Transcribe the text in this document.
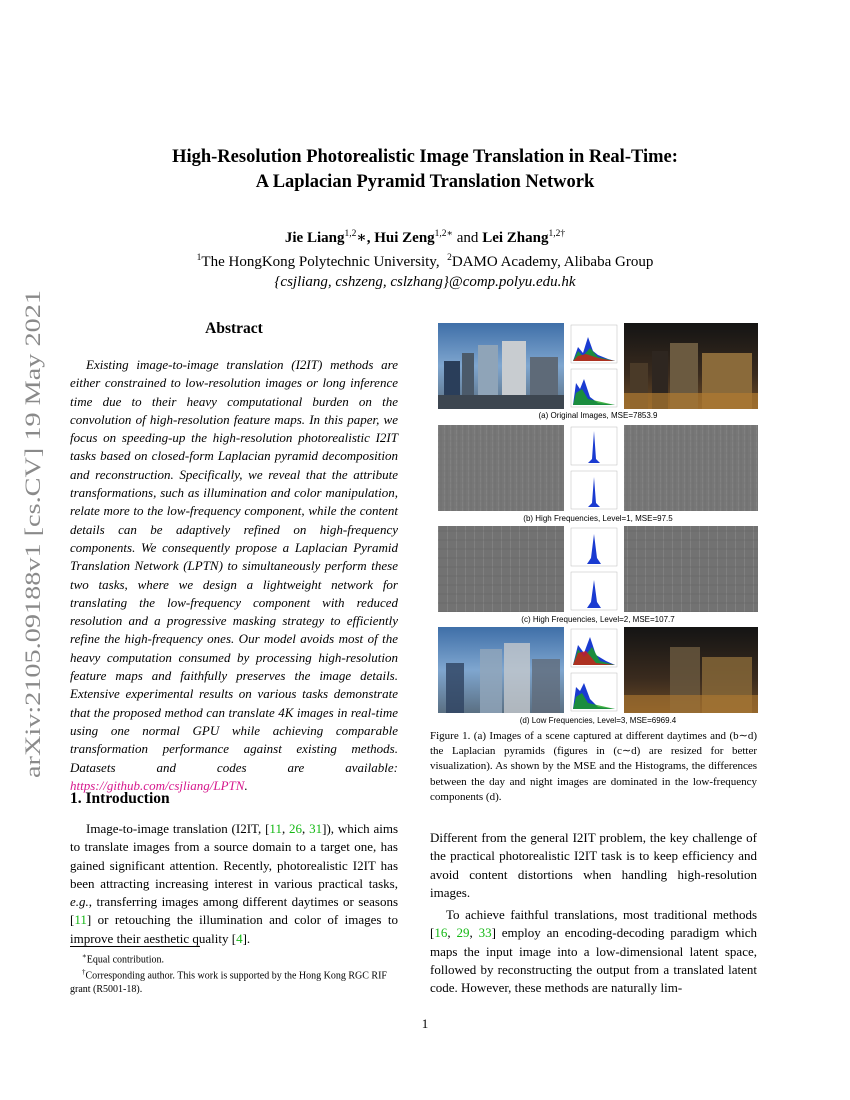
High-Resolution Photorealistic Image Translation in Real-Time:
A Laplacian Pyramid Translation Network
Jie Liang$^{1,2}$∗, Hui Zeng$^{1,2∗}$ and Lei Zhang$^{1,2\dagger}$
$^1$The HongKong Polytechnic University, $^2$DAMO Academy, Alibaba Group
{csjliang, cshzeng, cslzhang}@comp.polyu.edu.hk
arXiv:2105.09188v1 [cs.CV] 19 May 2021
Abstract
Existing image-to-image translation (I2IT) methods are either constrained to low-resolution images or long inference time due to their heavy computational burden on the convolution of high-resolution feature maps. In this paper, we focus on speeding-up the high-resolution photorealistic I2IT tasks based on closed-form Laplacian pyramid decomposition and reconstruction. Specifically, we reveal that the attribute transformations, such as illumination and color manipulation, relate more to the low-frequency component, while the content details can be adaptively refined on high-frequency components. We consequently propose a Laplacian Pyramid Translation Network (LPTN) to simultaneously perform these two tasks, where we design a lightweight network for translating the low-frequency component with reduced resolution and a progressive masking strategy to efficiently refine the high-frequency ones. Our model avoids most of the heavy computation consumed by processing high-resolution feature maps and faithfully preserves the image details. Extensive experimental results on various tasks demonstrate that the proposed method can translate 4K images in real-time using one normal GPU while achieving comparable transformation performance against existing methods. Datasets and codes are available: https://github.com/csjliang/LPTN.
1. Introduction
Image-to-image translation (I2IT, [11, 26, 31]), which aims to translate images from a source domain to a target one, has gained significant attention. Recently, photorealistic I2IT has been attracting increasing interest in various practical tasks, e.g., transferring images among different daytimes or seasons [11] or retouching the illumination and color of images to improve their aesthetic quality [4].
∗Equal contribution.
†Corresponding author. This work is supported by the Hong Kong RGC RIF grant (R5001-18).
(a) Original Images, MSE=7853.9
(b) High Frequencies, Level=1, MSE=97.5
(c) High Frequencies, Level=2, MSE=107.7
(d) Low Frequencies, Level=3, MSE=6969.4
Figure 1. (a) Images of a scene captured at different daytimes and (b∼d) the Laplacian pyramids (figures in (c∼d) are resized for better visualization). As shown by the MSE and the Histograms, the differences between the day and night images are dominated in the low-frequency components (d).
Different from the general I2IT problem, the key challenge of the practical photorealistic I2IT task is to keep efficiency and avoid content distortions when handling high-resolution images.
To achieve faithful translations, most traditional methods [16, 29, 33] employ an encoding-decoding paradigm which maps the input image into a low-dimensional latent space, followed by reconstructing the output from a translated latent code. However, these methods are naturally lim-
1
